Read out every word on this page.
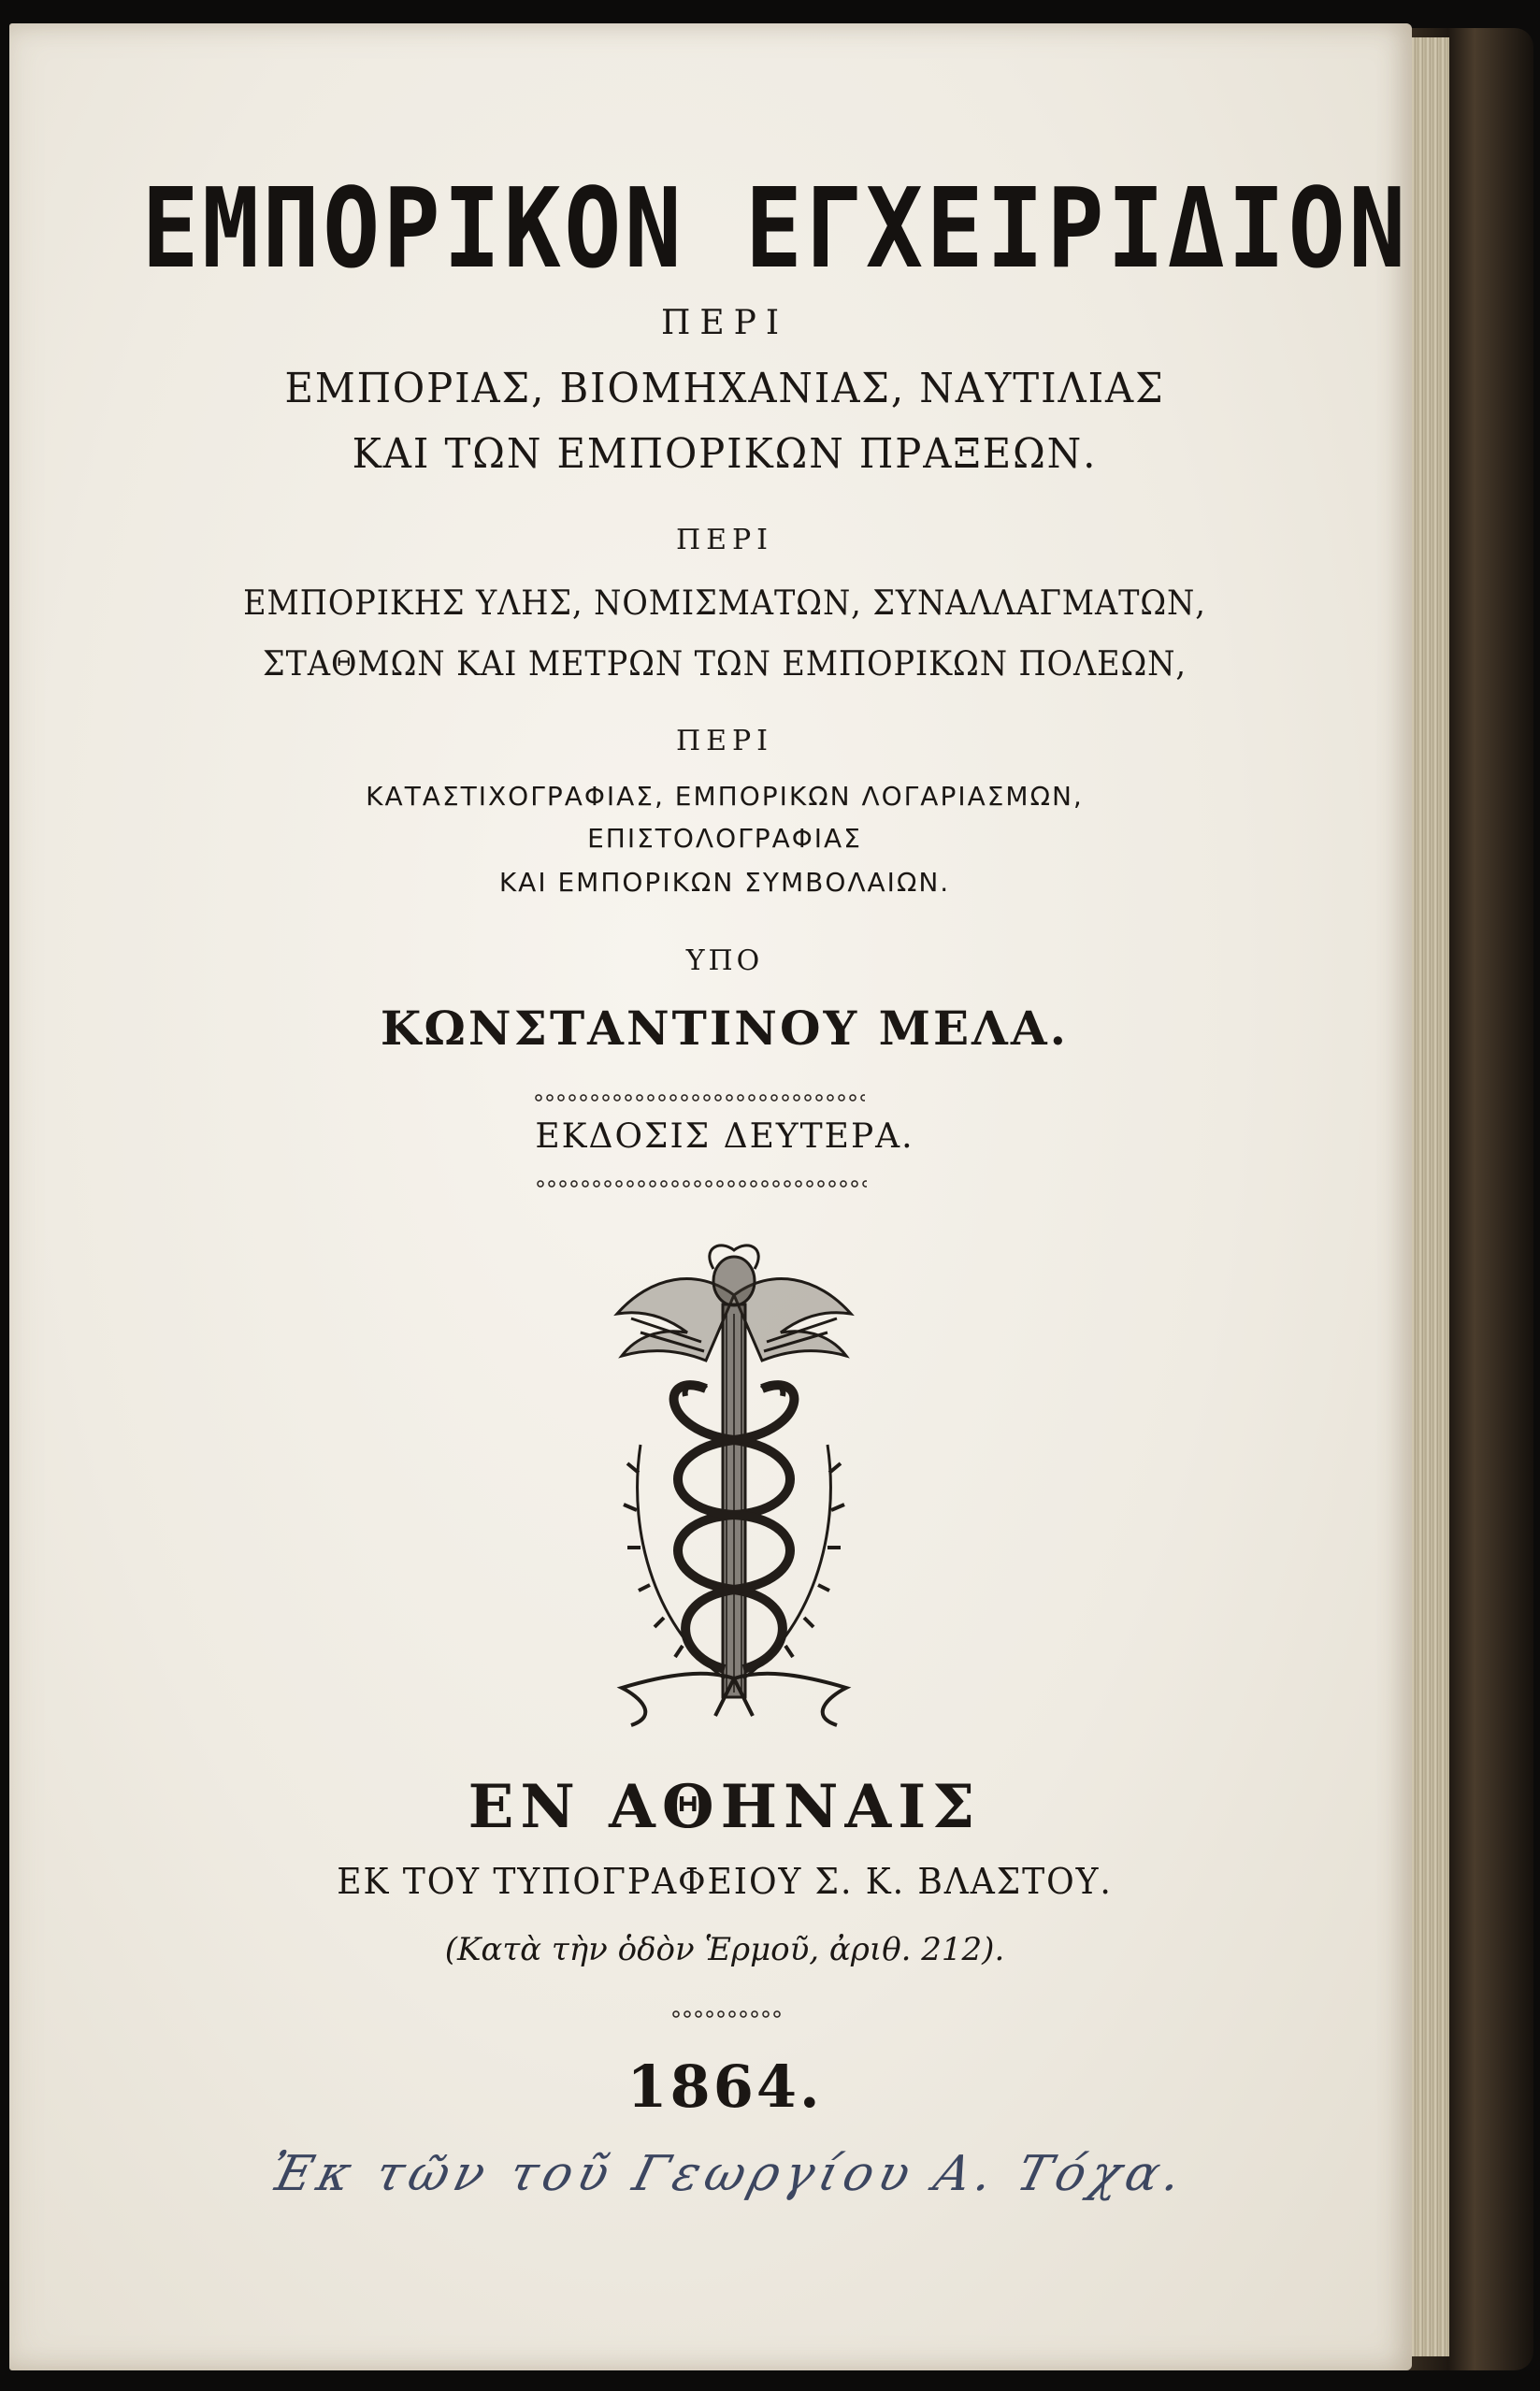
ΕΜΠΟΡΙΚΟΝ ΕΓΧΕΙΡΙΔΙΟΝ
ΠΕΡΙ
ΕΜΠΟΡΙΑΣ, ΒΙΟΜΗΧΑΝΙΑΣ, ΝΑΥΤΙΛΙΑΣ
ΚΑΙ ΤΩΝ ΕΜΠΟΡΙΚΩΝ ΠΡΑΞΕΩΝ.
ΠΕΡΙ
ΕΜΠΟΡΙΚΗΣ ΥΛΗΣ, ΝΟΜΙΣΜΑΤΩΝ, ΣΥΝΑΛΛΑΓΜΑΤΩΝ,
ΣΤΑΘΜΩΝ ΚΑΙ ΜΕΤΡΩΝ ΤΩΝ ΕΜΠΟΡΙΚΩΝ ΠΟΛΕΩΝ,
ΠΕΡΙ
ΚΑΤΑΣΤΙΧΟΓΡΑΦΙΑΣ, ΕΜΠΟΡΙΚΩΝ ΛΟΓΑΡΙΑΣΜΩΝ,
ΕΠΙΣΤΟΛΟΓΡΑΦΙΑΣ
ΚΑΙ ΕΜΠΟΡΙΚΩΝ ΣΥΜΒΟΛΑΙΩΝ.
ΥΠΟ
ΚΩΝΣΤΑΝΤΙΝΟΥ ΜΕΛΑ.
ΕΚΔΟΣΙΣ ΔΕΥΤΕΡΑ.
ΕΝ ΑΘΗΝΑΙΣ
ΕΚ ΤΟΥ ΤΥΠΟΓΡΑΦΕΙΟΥ Σ. Κ. ΒΛΑΣΤΟΥ.
(Κατὰ τὴν ὁδὸν Ἑρμοῦ, ἀριθ. 212).
1864.
Ἐκ τῶν τοῦ Γεωργίου Α. Τόχα.
